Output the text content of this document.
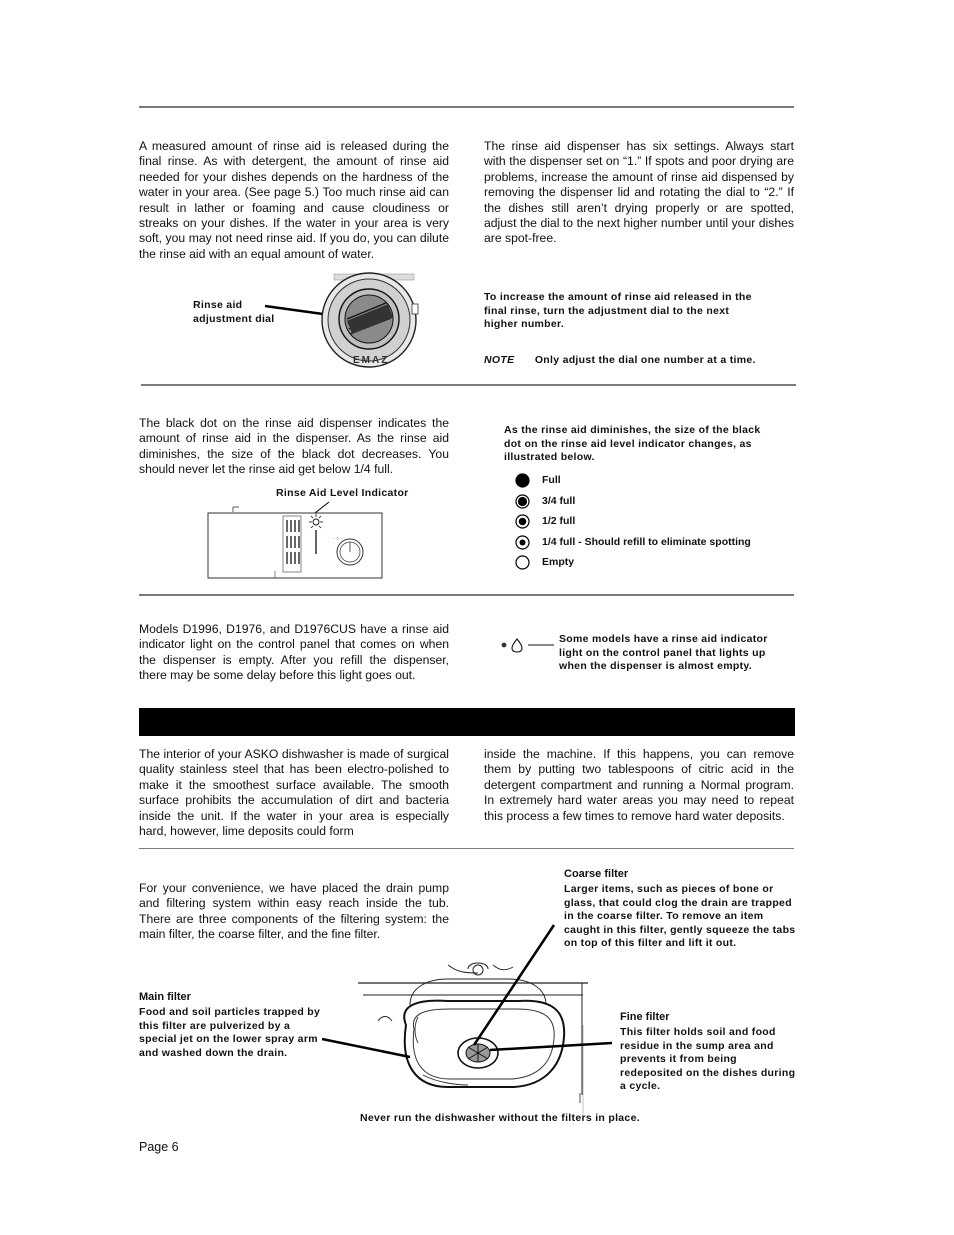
A measured amount of rinse aid is released during the final rinse. As with detergent, the amount of rinse aid needed for your dishes depends on the hardness of the water in your area. (See page 5.) Too much rinse aid can result in lather or foaming and cause cloudiness or streaks on your dishes. If the water in your area is very soft, you may not need rinse aid. If you do, you can dilute the rinse aid with an equal amount of water.
The rinse aid dispenser has six settings. Always start with the dispenser set on “1.” If spots and poor drying are problems, increase the amount of rinse aid dispensed by removing the dispenser lid and rotating the dial to “2.” If the dishes still aren’t drying properly or are spotted, adjust the dial to the next higher number until your dishes are spot-free.
Rinse aid
adjustment dial
EMAZ
To increase the amount of rinse aid released in the final rinse, turn the adjustment dial to the next higher number.
NOTE Only adjust the dial one number at a time.
The black dot on the rinse aid dispenser indicates the amount of rinse aid in the dispenser. As the rinse aid diminishes, the size of the black dot decreases. You should never let the rinse aid get below 1/4 full.
Rinse Aid Level Indicator
· ○ ·
As the rinse aid diminishes, the size of the black dot on the rinse aid level indicator changes, as illustrated below.
Full
3/4 full
1/2 full
1/4 full - Should refill to eliminate spotting
Empty
Models D1996, D1976, and D1976CUS have a rinse aid indicator light on the control panel that comes on when the dispenser is empty. After you refill the dispenser, there may be some delay before this light goes out.
Some models have a rinse aid indicator light on the control panel that lights up when the dispenser is almost empty.
The interior of your ASKO dishwasher is made of surgical quality stainless steel that has been electro-polished to make it the smoothest surface available. The smooth surface prohibits the accumulation of dirt and bacteria inside the unit. If the water in your area is especially hard, however, lime deposits could form
inside the machine. If this happens, you can remove them by putting two tablespoons of citric acid in the detergent compartment and running a Normal program. In extremely hard water areas you may need to repeat this process a few times to remove hard water deposits.
For your convenience, we have placed the drain pump and filtering system within easy reach inside the tub. There are three components of the filtering system: the main filter, the coarse filter, and the fine filter.
Coarse filter
Larger items, such as pieces of bone or glass, that could clog the drain are trapped in the coarse filter. To remove an item caught in this filter, gently squeeze the tabs on top of this filter and lift it out.
Main filter
Food and soil particles trapped by this filter are pulverized by a special jet on the lower spray arm and washed down the drain.
Fine filter
This filter holds soil and food residue in the sump area and prevents it from being redeposited on the dishes during a cycle.
Never run the dishwasher without the filters in place.
Page 6
